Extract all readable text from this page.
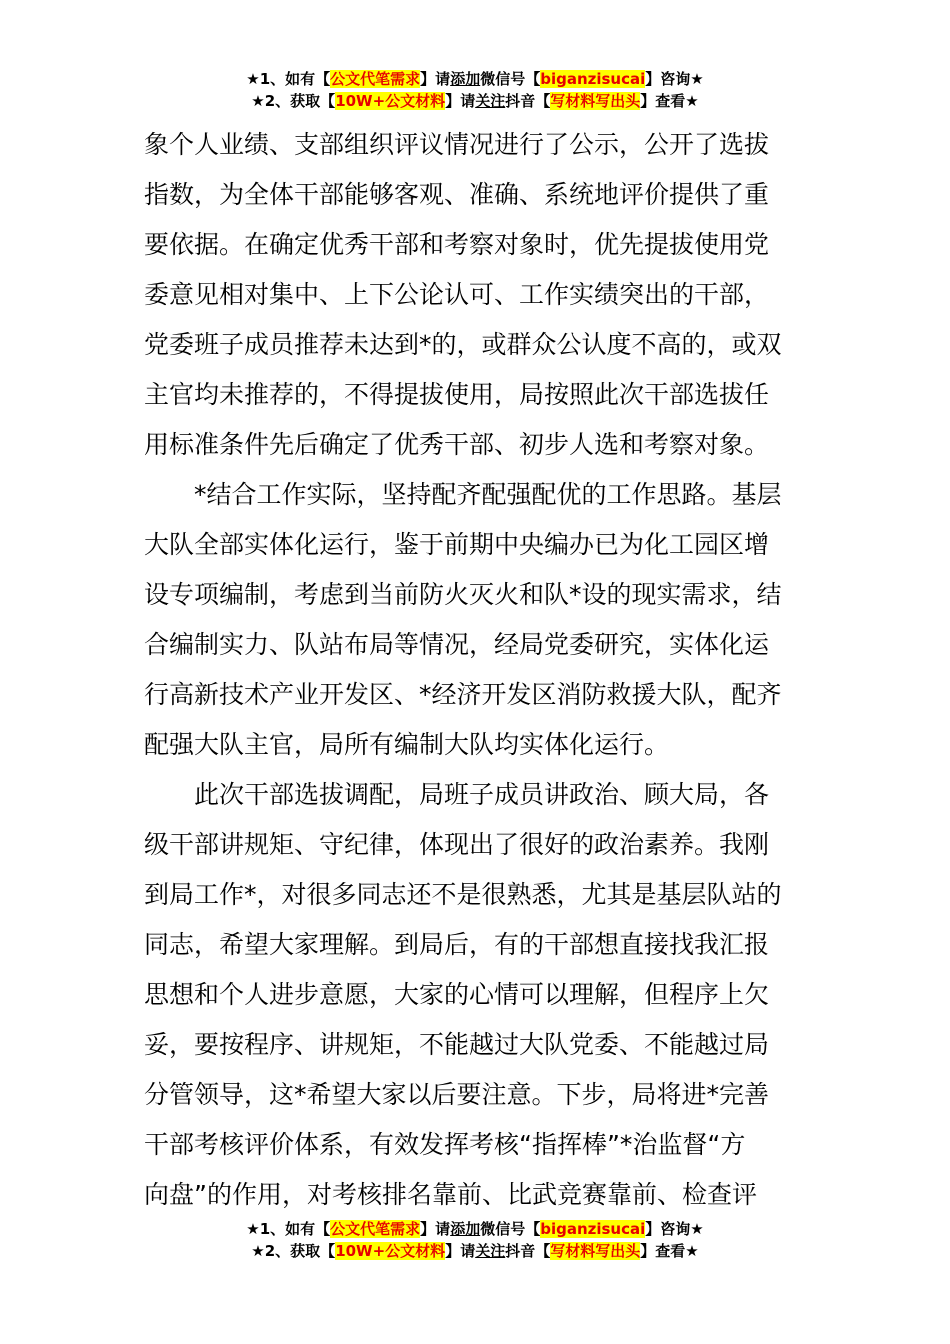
★1、如有【公文代笔需求】请添加微信号【biganzisucai】咨询★
★2、获取【10W+公文材料】请关注抖音【写材料写出头】查看★

象个人业绩、支部组织评议情况进行了公示，公开了选拔
指数，为全体干部能够客观、准确、系统地评价提供了重
要依据。在确定优秀干部和考察对象时，优先提拔使用党
委意见相对集中、上下公论认可、工作实绩突出的干部，
党委班子成员推荐未达到*的，或群众公认度不高的，或双
主官均未推荐的，不得提拔使用，局按照此次干部选拔任
用标准条件先后确定了优秀干部、初步人选和考察对象。

*结合工作实际，坚持配齐配强配优的工作思路。基层
大队全部实体化运行，鉴于前期中央编办已为化工园区增
设专项编制，考虑到当前防火灭火和队*设的现实需求，结
合编制实力、队站布局等情况，经局党委研究，实体化运
行高新技术产业开发区、*经济开发区消防救援大队，配齐
配强大队主官，局所有编制大队均实体化运行。

此次干部选拔调配，局班子成员讲政治、顾大局，各
级干部讲规矩、守纪律，体现出了很好的政治素养。我刚
到局工作*，对很多同志还不是很熟悉，尤其是基层队站的
同志，希望大家理解。到局后，有的干部想直接找我汇报
思想和个人进步意愿，大家的心情可以理解，但程序上欠
妥，要按程序、讲规矩，不能越过大队党委、不能越过局
分管领导，这*希望大家以后要注意。下步，局将进*完善
干部考核评价体系，有效发挥考核“指挥棒”*治监督“方
向盘”的作用，对考核排名靠前、比武竞赛靠前、检查评

★1、如有【公文代笔需求】请添加微信号【biganzisucai】咨询★
★2、获取【10W+公文材料】请关注抖音【写材料写出头】查看★
